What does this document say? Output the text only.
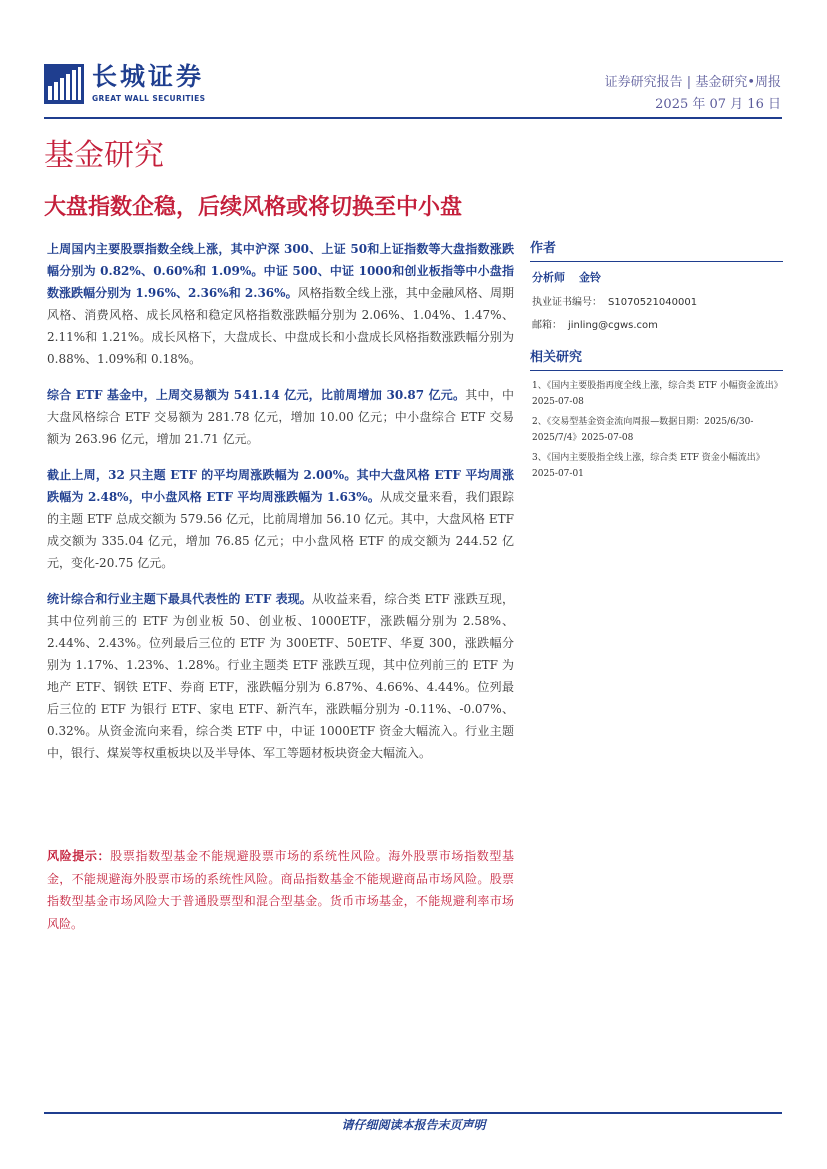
长城证券
GREAT WALL SECURITIES
证券研究报告 | 基金研究•周报
2025 年 07 月 16 日
基金研究
大盘指数企稳，后续风格或将切换至中小盘

上周国内主要股票指数全线上涨，其中沪深 300、上证 50和上证指数等大盘指数涨跌幅分别为 0.82%、0.60%和 1.09%。中证 500、中证 1000和创业板指等中小盘指数涨跌幅分别为 1.96%、2.36%和 2.36%。风格指数全线上涨，其中金融风格、周期风格、消费风格、成长风格和稳定风格指数涨跌幅分别为 2.06%、1.04%、1.47%、2.11%和 1.21%。成长风格下，大盘成长、中盘成长和小盘成长风格指数涨跌幅分别为 0.88%、1.09%和 0.18%。

综合 ETF 基金中，上周交易额为 541.14 亿元，比前周增加 30.87 亿元。其中，中大盘风格综合 ETF 交易额为 281.78 亿元，增加 10.00 亿元；中小盘综合 ETF 交易额为 263.96 亿元，增加 21.71 亿元。

截止上周，32 只主题 ETF 的平均周涨跌幅为 2.00%。其中大盘风格 ETF 平均周涨跌幅为 2.48%，中小盘风格 ETF 平均周涨跌幅为 1.63%。从成交量来看，我们跟踪的主题 ETF 总成交额为 579.56 亿元，比前周增加 56.10 亿元。其中，大盘风格 ETF 成交额为 335.04 亿元，增加 76.85 亿元；中小盘风格 ETF 的成交额为 244.52 亿元，变化-20.75 亿元。

统计综合和行业主题下最具代表性的 ETF 表现。从收益来看，综合类 ETF 涨跌互现，其中位列前三的 ETF 为创业板 50、创业板、1000ETF，涨跌幅分别为 2.58%、2.44%、2.43%。位列最后三位的 ETF 为 300ETF、50ETF、华夏 300，涨跌幅分别为 1.17%、1.23%、1.28%。行业主题类 ETF 涨跌互现，其中位列前三的 ETF 为地产 ETF、钢铁 ETF、券商 ETF，涨跌幅分别为 6.87%、4.66%、4.44%。位列最后三位的 ETF 为银行 ETF、家电 ETF、新汽车，涨跌幅分别为 -0.11%、-0.07%、0.32%。从资金流向来看，综合类 ETF 中，中证 1000ETF 资金大幅流入。行业主题中，银行、煤炭等权重板块以及半导体、军工等题材板块资金大幅流入。

风险提示：股票指数型基金不能规避股票市场的系统性风险。海外股票市场指数型基金，不能规避海外股票市场的系统性风险。商品指数基金不能规避商品市场风险。股票指数型基金市场风险大于普通股票型和混合型基金。货币市场基金，不能规避利率市场风险。
作者
分析师 金铃
执业证书编号： S1070521040001
邮箱： jinling@cgws.com
相关研究
1、《国内主要股指再度全线上涨，综合类 ETF 小幅资金流出》2025-07-08
2、《交易型基金资金流向周报—数据日期：2025/6/30-2025/7/4》2025-07-08
3、《国内主要股指全线上涨，综合类 ETF 资金小幅流出》2025-07-01
请仔细阅读本报告末页声明
